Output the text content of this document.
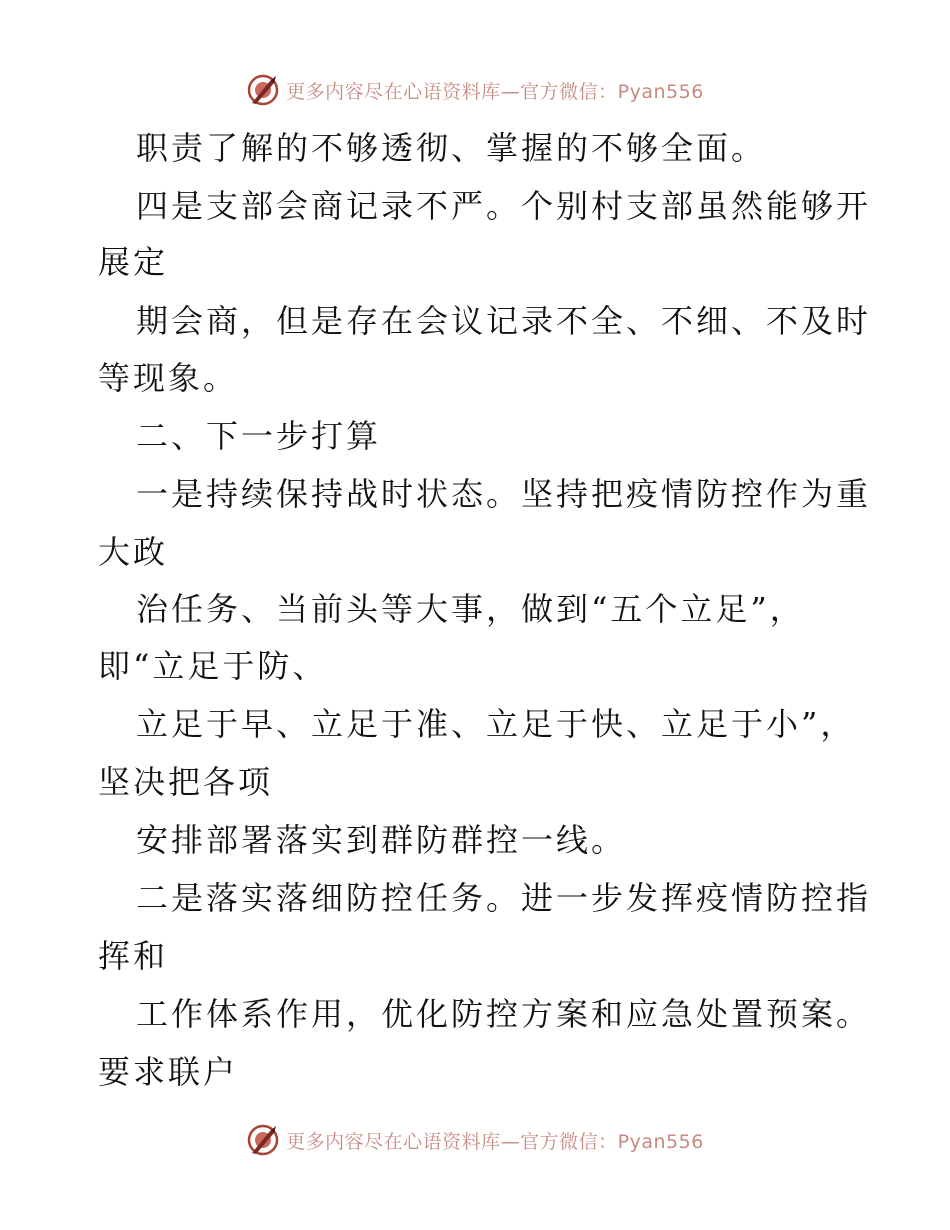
更多内容尽在心语资料库—官方微信：Pyan556
职责了解的不够透彻、掌握的不够全面。
四是支部会商记录不严。个别村支部虽然能够开
展定
期会商，但是存在会议记录不全、不细、不及时
等现象。
二、下一步打算
一是持续保持战时状态。坚持把疫情防控作为重
大政
治任务、当前头等大事，做到“五个立足”，
即“立足于防、
立足于早、立足于准、立足于快、立足于小”，
坚决把各项
安排部署落实到群防群控一线。
二是落实落细防控任务。进一步发挥疫情防控指
挥和
工作体系作用，优化防控方案和应急处置预案。
要求联户
更多内容尽在心语资料库—官方微信：Pyan556
